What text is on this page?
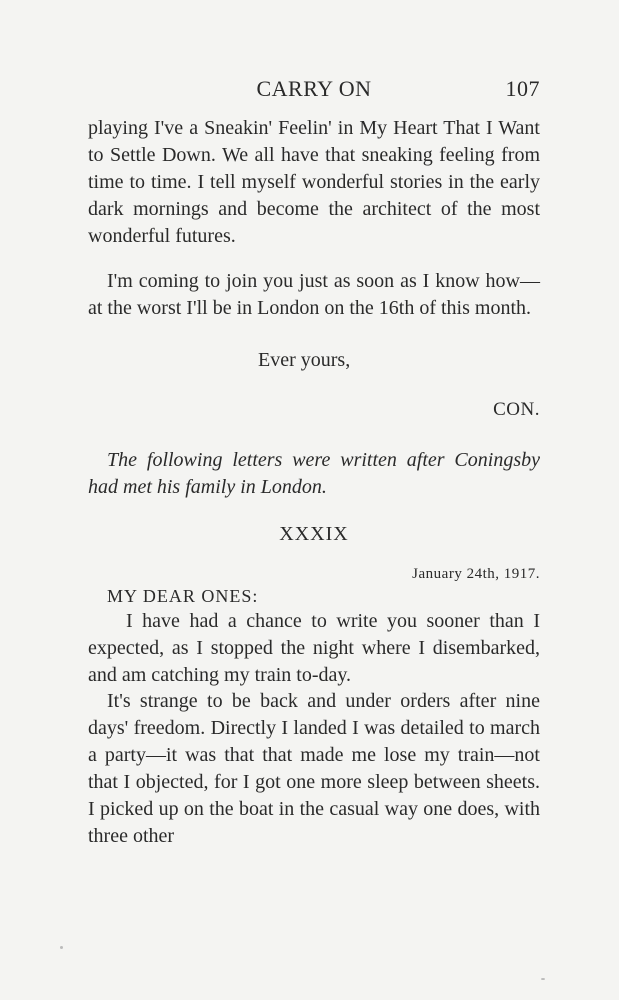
CARRY ON	107

playing I've a Sneakin' Feelin' in My Heart That I Want to Settle Down. We all have that sneaking feeling from time to time. I tell myself wonderful stories in the early dark mornings and become the architect of the most wonderful futures.

I'm coming to join you just as soon as I know how—at the worst I'll be in London on the 16th of this month.

Ever yours,
CON.

The following letters were written after Coningsby had met his family in London.

XXXIX
January 24th, 1917.
MY DEAR ONES:

I have had a chance to write you sooner than I expected, as I stopped the night where I disembarked, and am catching my train to-day.

It's strange to be back and under orders after nine days' freedom. Directly I landed I was detailed to march a party—it was that that made me lose my train—not that I objected, for I got one more sleep between sheets. I picked up on the boat in the casual way one does, with three other
